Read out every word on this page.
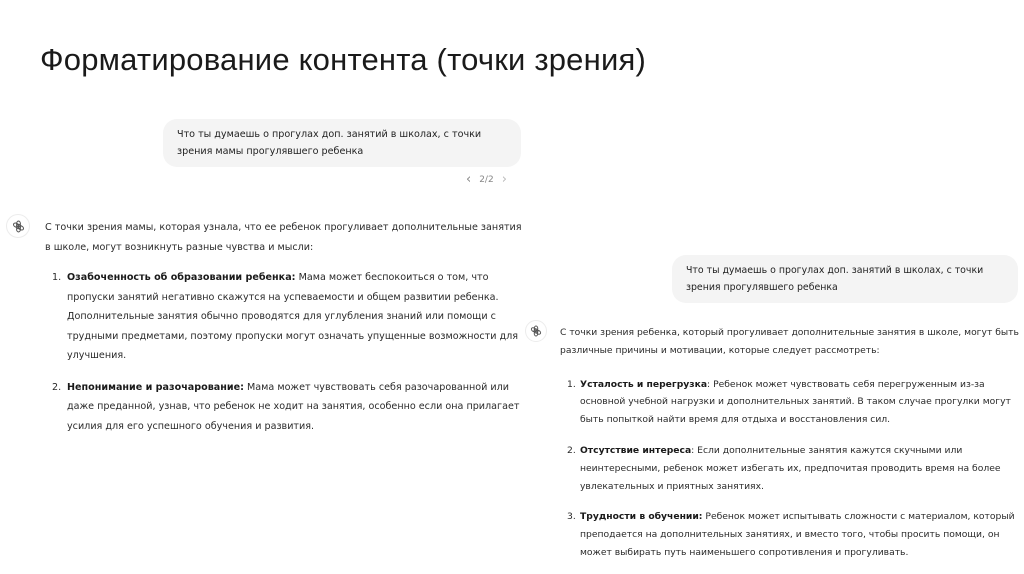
Форматирование контента (точки зрения)
Что ты думаешь о прогулах доп. занятий в школах, с точки зрения мамы прогулявшего ребенка
‹ 2/2 ›

С точки зрения мамы, которая узнала, что ее ребенок прогуливает дополнительные занятия в школе, могут возникнуть разные чувства и мысли:

1. Озабоченность об образовании ребенка: Мама может беспокоиться о том, что пропуски занятий негативно скажутся на успеваемости и общем развитии ребенка. Дополнительные занятия обычно проводятся для углубления знаний или помощи с трудными предметами, поэтому пропуски могут означать упущенные возможности для улучшения.
2. Непонимание и разочарование: Мама может чувствовать себя разочарованной или даже преданной, узнав, что ребенок не ходит на занятия, особенно если она прилагает усилия для его успешного обучения и развития.
Что ты думаешь о прогулах доп. занятий в школах, с точки зрения прогулявшего ребенка

С точки зрения ребенка, который прогуливает дополнительные занятия в школе, могут быть различные причины и мотивации, которые следует рассмотреть:

1. Усталость и перегрузка: Ребенок может чувствовать себя перегруженным из-за основной учебной нагрузки и дополнительных занятий. В таком случае прогулки могут быть попыткой найти время для отдыха и восстановления сил.
2. Отсутствие интереса: Если дополнительные занятия кажутся скучными или неинтересными, ребенок может избегать их, предпочитая проводить время на более увлекательных и приятных занятиях.
3. Трудности в обучении: Ребенок может испытывать сложности с материалом, который преподается на дополнительных занятиях, и вместо того, чтобы просить помощи, он может выбирать путь наименьшего сопротивления и прогуливать.
